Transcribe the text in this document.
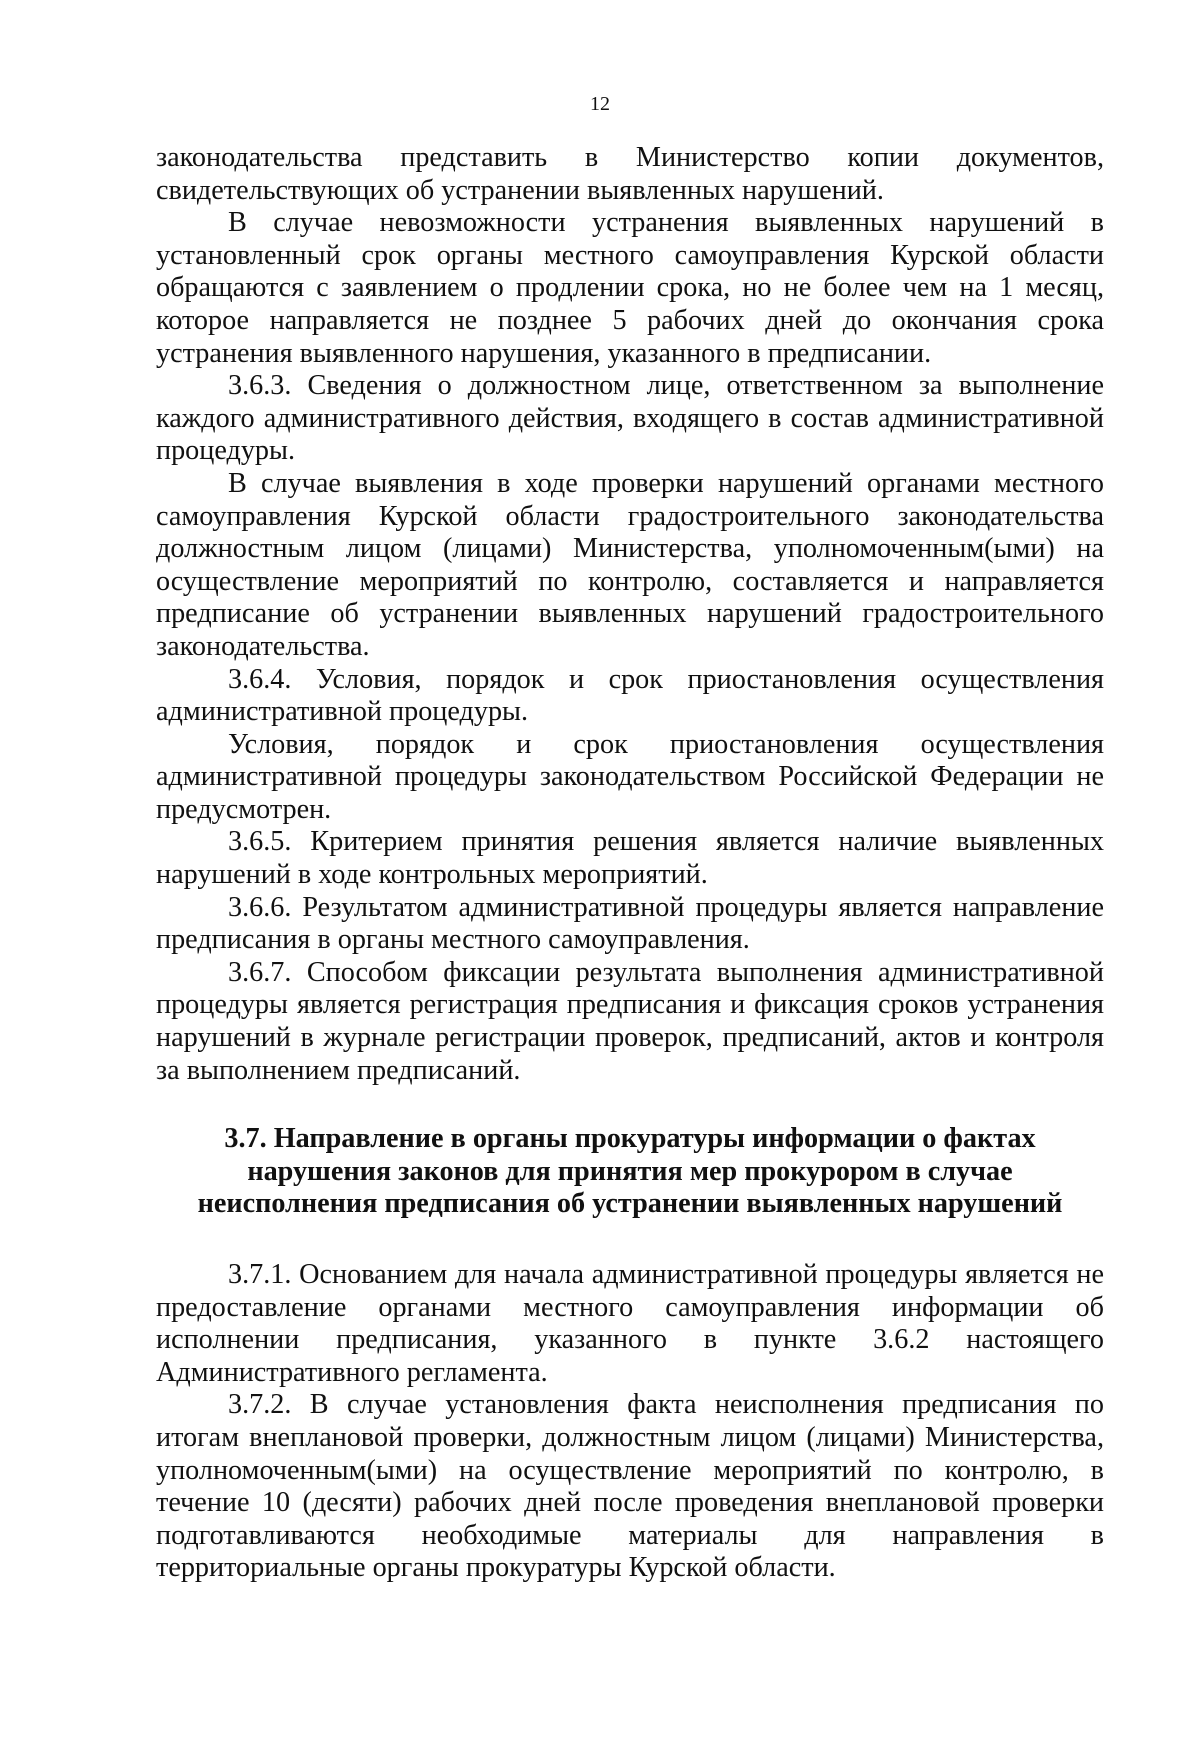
12

законодательства представить в Министерство копии документов, свидетельствующих об устранении выявленных нарушений.

В случае невозможности устранения выявленных нарушений в установленный срок органы местного самоуправления Курской области обращаются с заявлением о продлении срока, но не более чем на 1 месяц, которое направляется не позднее 5 рабочих дней до окончания срока устранения выявленного нарушения, указанного в предписании.

3.6.3. Сведения о должностном лице, ответственном за выполнение каждого административного действия, входящего в состав административной процедуры.

В случае выявления в ходе проверки нарушений органами местного самоуправления Курской области градостроительного законодательства должностным лицом (лицами) Министерства, уполномоченным(ыми) на осуществление мероприятий по контролю, составляется и направляется предписание об устранении выявленных нарушений градостроительного законодательства.

3.6.4. Условия, порядок и срок приостановления осуществления административной процедуры.

Условия, порядок и срок приостановления осуществления административной процедуры законодательством Российской Федерации не предусмотрен.

3.6.5. Критерием принятия решения является наличие выявленных нарушений в ходе контрольных мероприятий.

3.6.6. Результатом административной процедуры является направление предписания в органы местного самоуправления.

3.6.7. Способом фиксации результата выполнения административной процедуры является регистрация предписания и фиксация сроков устранения нарушений в журнале регистрации проверок, предписаний, актов и контроля за выполнением предписаний.

3.7. Направление в органы прокуратуры информации о фактах
нарушения законов для принятия мер прокурором в случае
неисполнения предписания об устранении выявленных нарушений

3.7.1. Основанием для начала административной процедуры является не предоставление органами местного самоуправления информации об исполнении предписания, указанного в пункте 3.6.2 настоящего Административного регламента.

3.7.2. В случае установления факта неисполнения предписания по итогам внеплановой проверки, должностным лицом (лицами) Министерства, уполномоченным(ыми) на осуществление мероприятий по контролю, в течение 10 (десяти) рабочих дней после проведения внеплановой проверки подготавливаются необходимые материалы для направления в территориальные органы прокуратуры Курской области.
